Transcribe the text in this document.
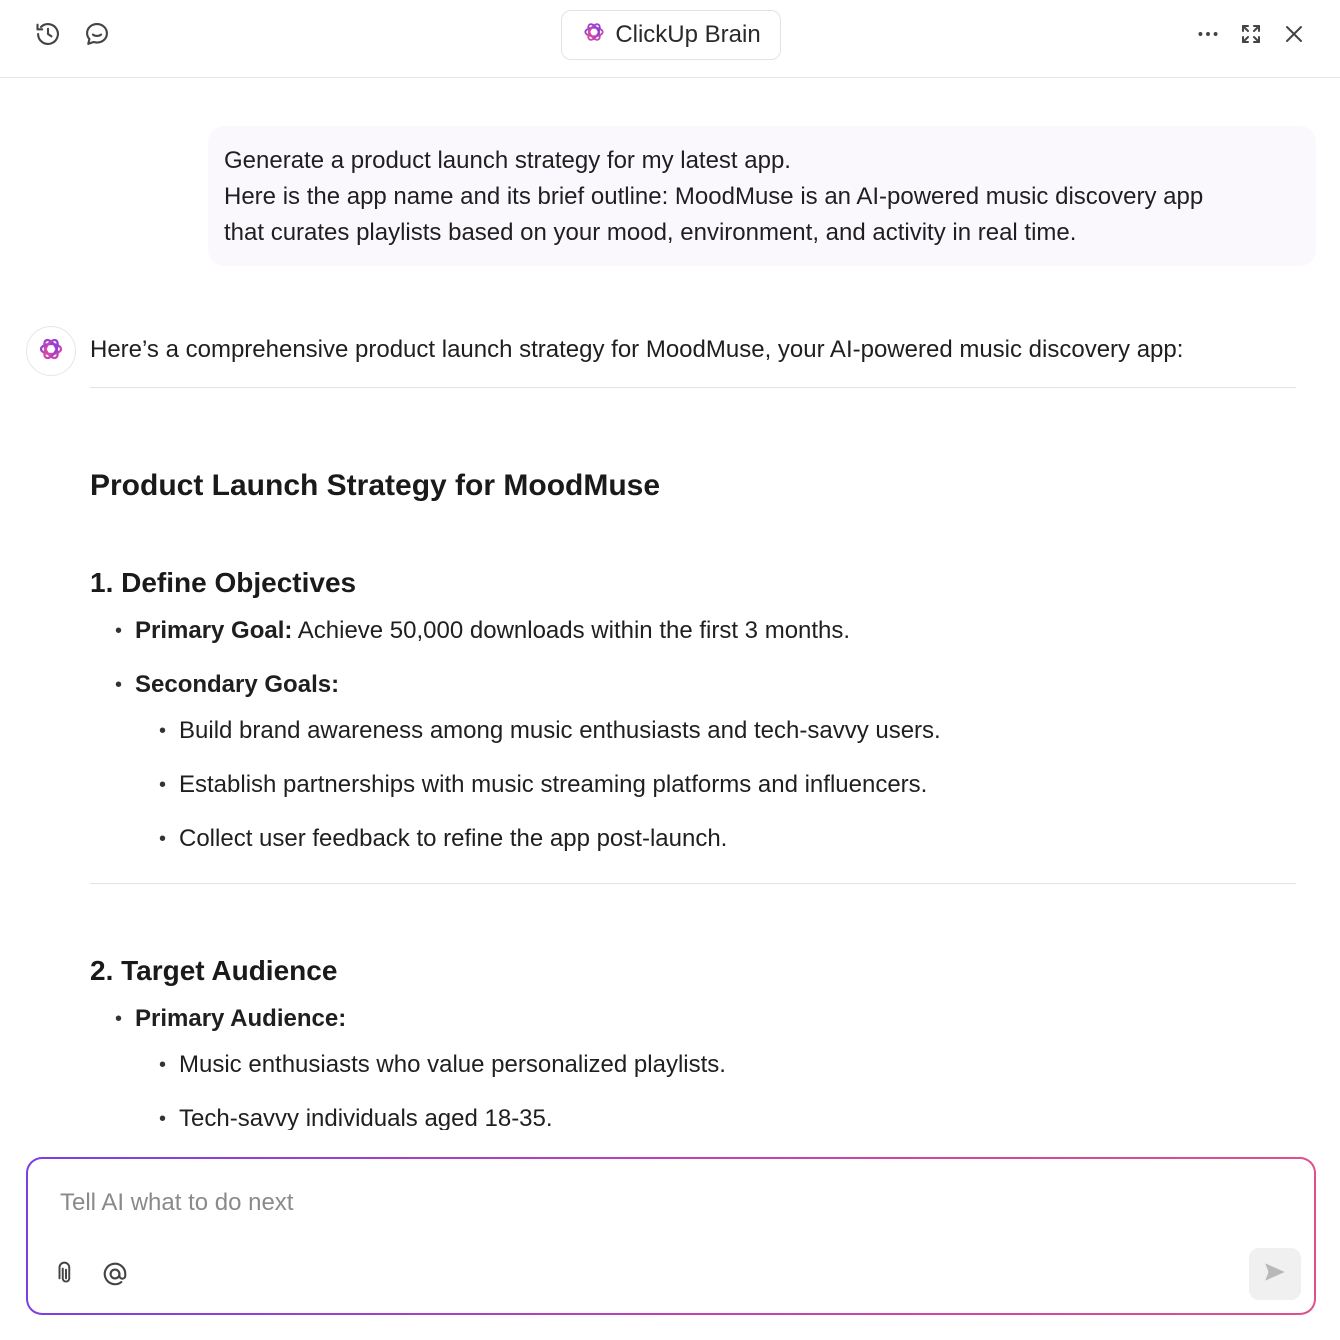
ClickUp Brain

Generate a product launch strategy for my latest app.

Here is the app name and its brief outline: MoodMuse is an AI-powered music discovery app

that curates playlists based on your mood, environment, and activity in real time.

Here’s a comprehensive product launch strategy for MoodMuse, your AI-powered music discovery app:

Product Launch Strategy for MoodMuse
1. Define Objectives
• Primary Goal: Achieve 50,000 downloads within the first 3 months.
• Secondary Goals:
• Build brand awareness among music enthusiasts and tech-savvy users.
• Establish partnerships with music streaming platforms and influencers.
• Collect user feedback to refine the app post-launch.
2. Target Audience
• Primary Audience:
• Music enthusiasts who value personalized playlists.
• Tech-savvy individuals aged 18-35.
Tell AI what to do next
